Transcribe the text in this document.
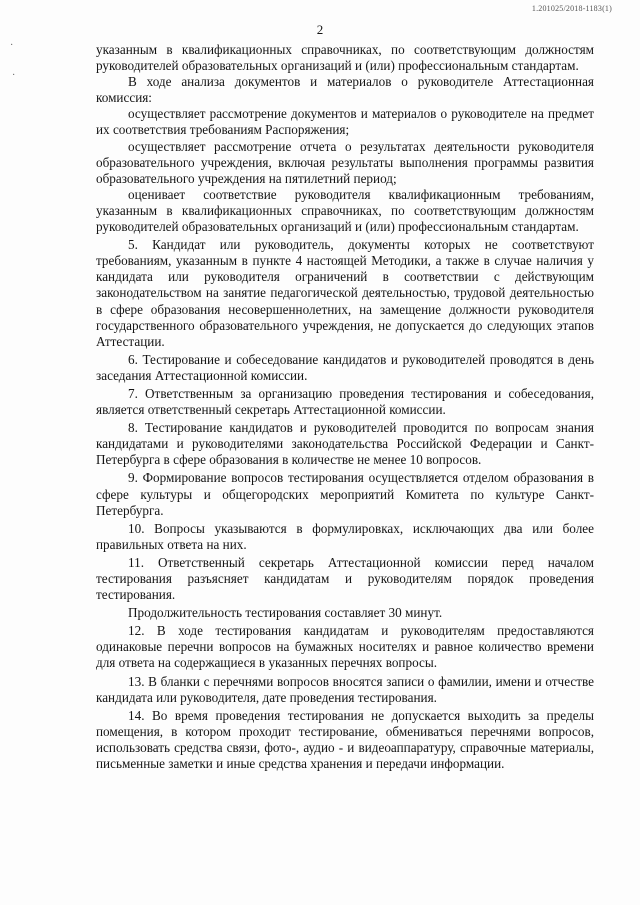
1.201025/2018-1183(1)
2
·
·

указанным в квалификационных справочниках, по соответствующим должностям руководителей образовательных организаций и (или) профессиональным стандартам.

В ходе анализа документов и материалов о руководителе Аттестационная комиссия:

осуществляет рассмотрение документов и материалов о руководителе на предмет их соответствия требованиям Распоряжения;

осуществляет рассмотрение отчета о результатах деятельности руководителя образовательного учреждения, включая результаты выполнения программы развития образовательного учреждения на пятилетний период;

оценивает соответствие руководителя квалификационным требованиям, указанным в квалификационных справочниках, по соответствующим должностям руководителей образовательных организаций и (или) профессиональным стандартам.

5. Кандидат или руководитель, документы которых не соответствуют требованиям, указанным в пункте 4 настоящей Методики, а также в случае наличия у кандидата или руководителя ограничений в соответствии с действующим законодательством на занятие педагогической деятельностью, трудовой деятельностью в сфере образования несовершеннолетних, на замещение должности руководителя государственного образовательного учреждения, не допускается до следующих этапов Аттестации.

6. Тестирование и собеседование кандидатов и руководителей проводятся в день заседания Аттестационной комиссии.

7. Ответственным за организацию проведения тестирования и собеседования, является ответственный секретарь Аттестационной комиссии.

8. Тестирование кандидатов и руководителей проводится по вопросам знания кандидатами и руководителями законодательства Российской Федерации и Санкт-Петербурга в сфере образования в количестве не менее 10 вопросов.

9. Формирование вопросов тестирования осуществляется отделом образования в сфере культуры и общегородских мероприятий Комитета по культуре Санкт-Петербурга.

10. Вопросы указываются в формулировках, исключающих два или более правильных ответа на них.

11. Ответственный секретарь Аттестационной комиссии перед началом тестирования разъясняет кандидатам и руководителям порядок проведения тестирования.

Продолжительность тестирования составляет 30 минут.

12. В ходе тестирования кандидатам и руководителям предоставляются одинаковые перечни вопросов на бумажных носителях и равное количество времени для ответа на содержащиеся в указанных перечнях вопросы.

13. В бланки с перечнями вопросов вносятся записи о фамилии, имени и отчестве кандидата или руководителя, дате проведения тестирования.

14. Во время проведения тестирования не допускается выходить за пределы помещения, в котором проходит тестирование, обмениваться перечнями вопросов, использовать средства связи, фото-, аудио - и видеоаппаратуру, справочные материалы, письменные заметки и иные средства хранения и передачи информации.
